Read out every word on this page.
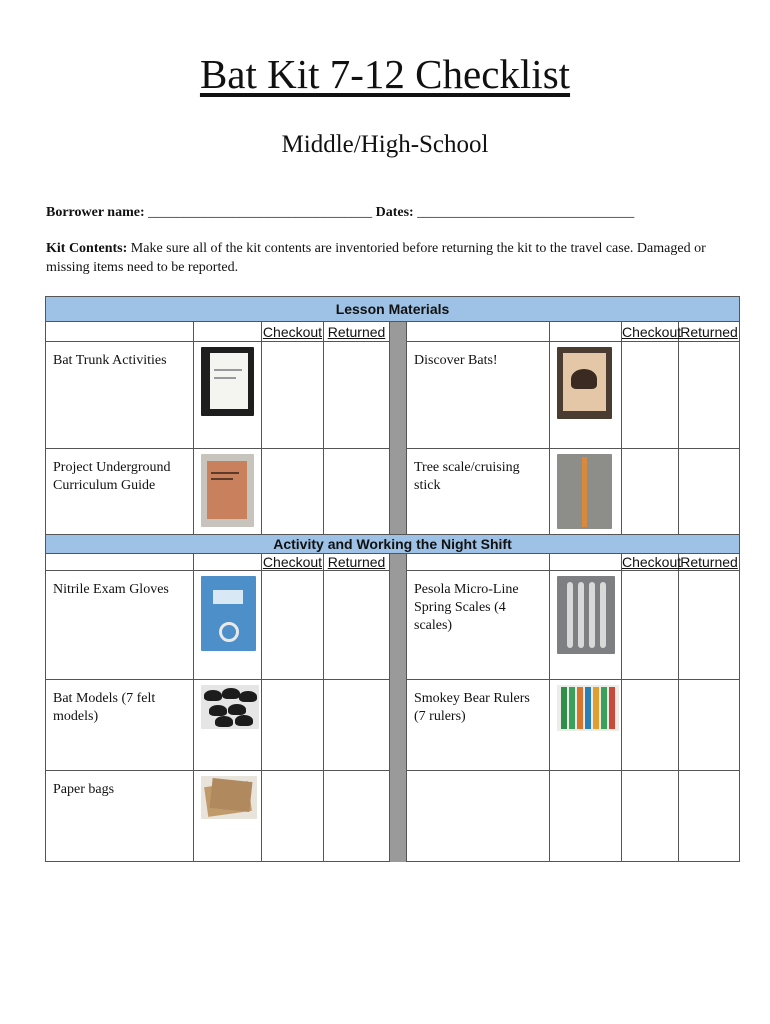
Bat Kit 7-12 Checklist
Middle/High-School
Borrower name: ________________________________ Dates: _______________________________
Kit Contents: Make sure all of the kit contents are inventoried before returning the kit to the travel case. Damaged or missing items need to be reported.
Lesson Materials								
		Checkout	Returned				Checkout	Returned
Bat Trunk Activities					Discover Bats!	

Project Underground Curriculum Guide					Tree scale/cruising stick	

Activity and Working the Night Shift								
		Checkout	Returned				Checkout	Returned
Nitrile Exam Gloves					Pesola Micro-Line Spring Scales (4 scales)	

Bat Models (7 felt models)					Smokey Bear Rulers (7 rulers)	

Paper bags		
